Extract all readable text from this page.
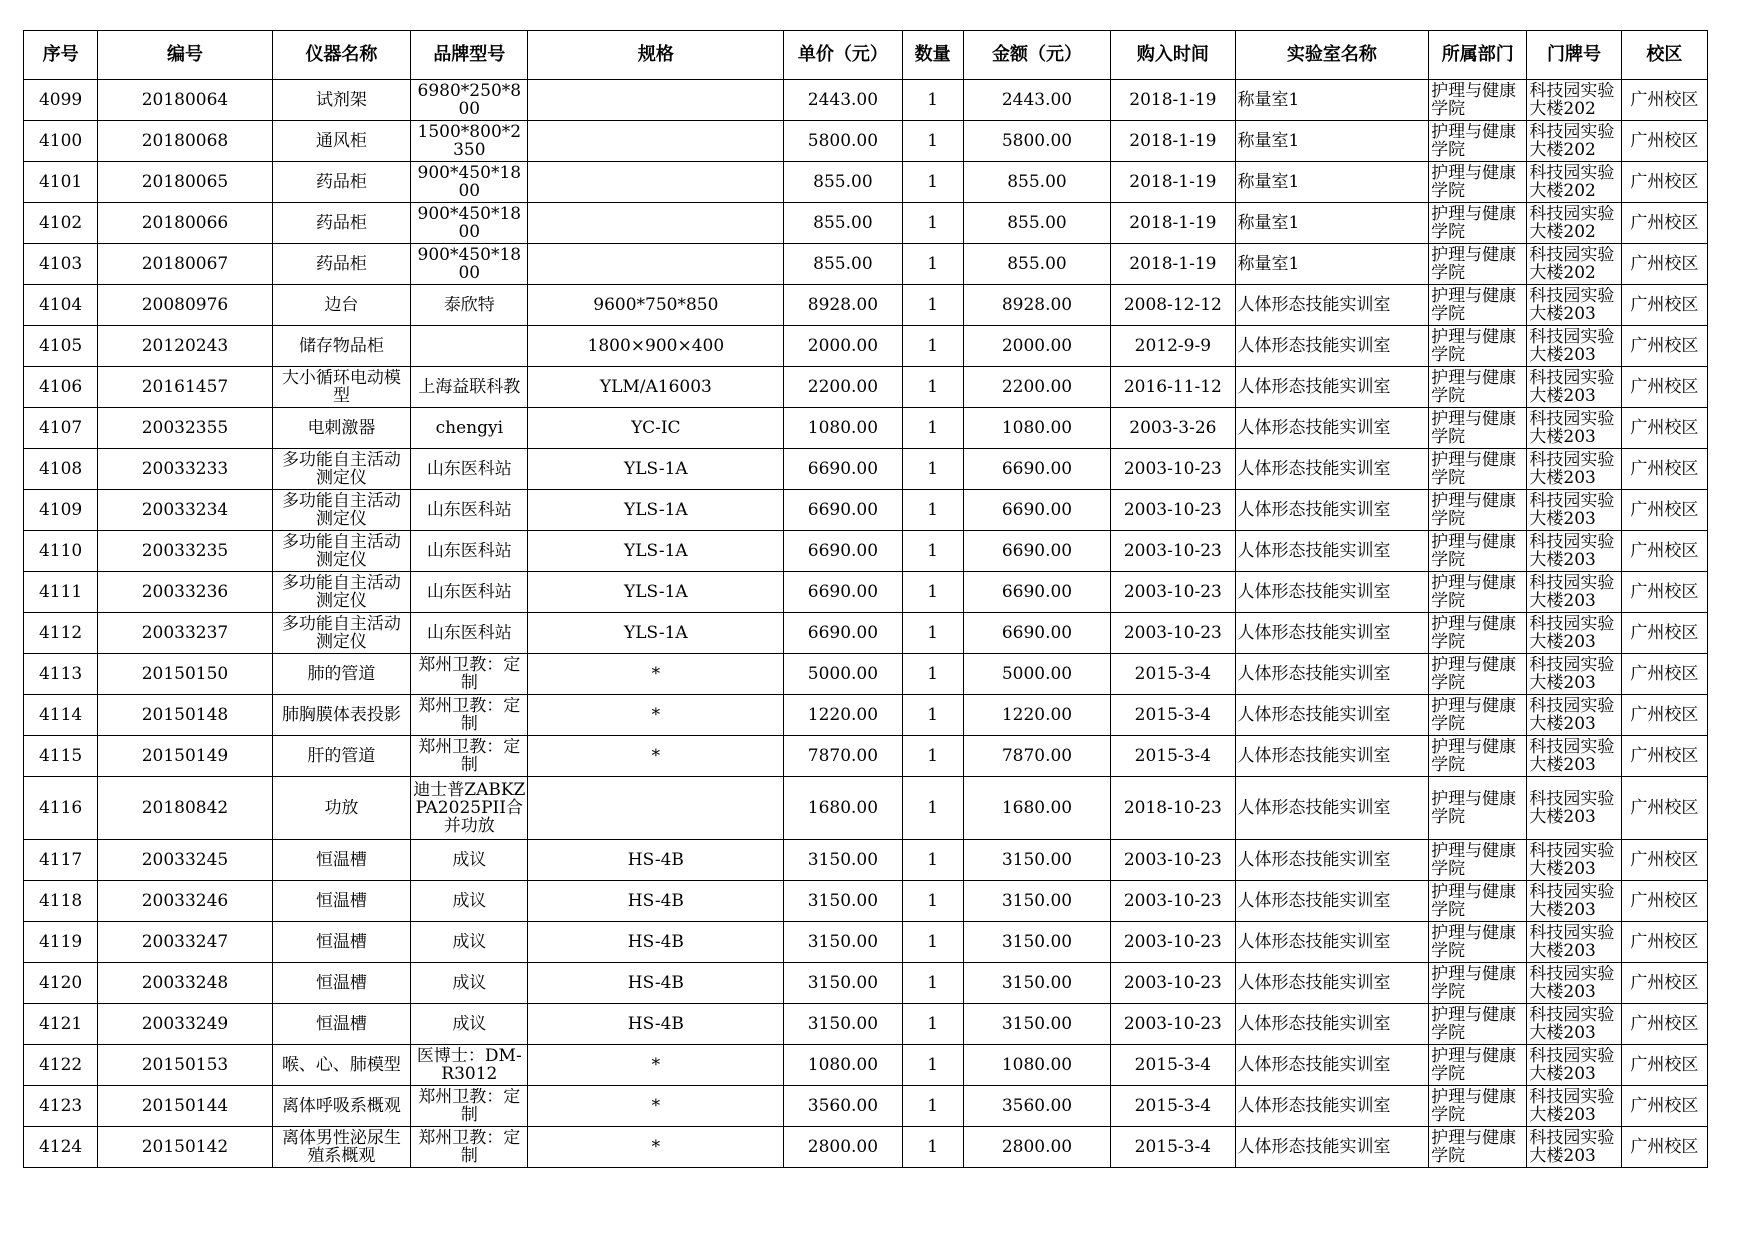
序号	编号	仪器名称	品牌型号	规格	单价（元）	数量	金额（元）	购入时间	实验室名称	所属部门	门牌号	校区
4099	20180064	试剂架	6980*250*800		2443.00	1	2443.00	2018-1-19	称量室1	护理与健康学院	科技园实验大楼202	广州校区
4100	20180068	通风柜	1500*800*2350		5800.00	1	5800.00	2018-1-19	称量室1	护理与健康学院	科技园实验大楼202	广州校区
4101	20180065	药品柜	900*450*1800		855.00	1	855.00	2018-1-19	称量室1	护理与健康学院	科技园实验大楼202	广州校区
4102	20180066	药品柜	900*450*1800		855.00	1	855.00	2018-1-19	称量室1	护理与健康学院	科技园实验大楼202	广州校区
4103	20180067	药品柜	900*450*1800		855.00	1	855.00	2018-1-19	称量室1	护理与健康学院	科技园实验大楼202	广州校区
4104	20080976	边台	泰欣特	9600*750*850	8928.00	1	8928.00	2008-12-12	人体形态技能实训室	护理与健康学院	科技园实验大楼203	广州校区
4105	20120243	储存物品柜		1800×900×400	2000.00	1	2000.00	2012-9-9	人体形态技能实训室	护理与健康学院	科技园实验大楼203	广州校区
4106	20161457	大小循环电动模型	上海益联科教	YLM/A16003	2200.00	1	2200.00	2016-11-12	人体形态技能实训室	护理与健康学院	科技园实验大楼203	广州校区
4107	20032355	电刺激器	chengyi	YC-IC	1080.00	1	1080.00	2003-3-26	人体形态技能实训室	护理与健康学院	科技园实验大楼203	广州校区
4108	20033233	多功能自主活动测定仪	山东医科站	YLS-1A	6690.00	1	6690.00	2003-10-23	人体形态技能实训室	护理与健康学院	科技园实验大楼203	广州校区
4109	20033234	多功能自主活动测定仪	山东医科站	YLS-1A	6690.00	1	6690.00	2003-10-23	人体形态技能实训室	护理与健康学院	科技园实验大楼203	广州校区
4110	20033235	多功能自主活动测定仪	山东医科站	YLS-1A	6690.00	1	6690.00	2003-10-23	人体形态技能实训室	护理与健康学院	科技园实验大楼203	广州校区
4111	20033236	多功能自主活动测定仪	山东医科站	YLS-1A	6690.00	1	6690.00	2003-10-23	人体形态技能实训室	护理与健康学院	科技园实验大楼203	广州校区
4112	20033237	多功能自主活动测定仪	山东医科站	YLS-1A	6690.00	1	6690.00	2003-10-23	人体形态技能实训室	护理与健康学院	科技园实验大楼203	广州校区
4113	20150150	肺的管道	郑州卫教：定制	*	5000.00	1	5000.00	2015-3-4	人体形态技能实训室	护理与健康学院	科技园实验大楼203	广州校区
4114	20150148	肺胸膜体表投影	郑州卫教：定制	*	1220.00	1	1220.00	2015-3-4	人体形态技能实训室	护理与健康学院	科技园实验大楼203	广州校区
4115	20150149	肝的管道	郑州卫教：定制	*	7870.00	1	7870.00	2015-3-4	人体形态技能实训室	护理与健康学院	科技园实验大楼203	广州校区
4116	20180842	功放	迪士普ZABKZPA2025PII合并功放		1680.00	1	1680.00	2018-10-23	人体形态技能实训室	护理与健康学院	科技园实验大楼203	广州校区
4117	20033245	恒温槽	成议	HS-4B	3150.00	1	3150.00	2003-10-23	人体形态技能实训室	护理与健康学院	科技园实验大楼203	广州校区
4118	20033246	恒温槽	成议	HS-4B	3150.00	1	3150.00	2003-10-23	人体形态技能实训室	护理与健康学院	科技园实验大楼203	广州校区
4119	20033247	恒温槽	成议	HS-4B	3150.00	1	3150.00	2003-10-23	人体形态技能实训室	护理与健康学院	科技园实验大楼203	广州校区
4120	20033248	恒温槽	成议	HS-4B	3150.00	1	3150.00	2003-10-23	人体形态技能实训室	护理与健康学院	科技园实验大楼203	广州校区
4121	20033249	恒温槽	成议	HS-4B	3150.00	1	3150.00	2003-10-23	人体形态技能实训室	护理与健康学院	科技园实验大楼203	广州校区
4122	20150153	喉、心、肺模型	医博士：DM-R3012	*	1080.00	1	1080.00	2015-3-4	人体形态技能实训室	护理与健康学院	科技园实验大楼203	广州校区
4123	20150144	离体呼吸系概观	郑州卫教：定制	*	3560.00	1	3560.00	2015-3-4	人体形态技能实训室	护理与健康学院	科技园实验大楼203	广州校区
4124	20150142	离体男性泌尿生殖系概观	郑州卫教：定制	*	2800.00	1	2800.00	2015-3-4	人体形态技能实训室	护理与健康学院	科技园实验大楼203	广州校区
